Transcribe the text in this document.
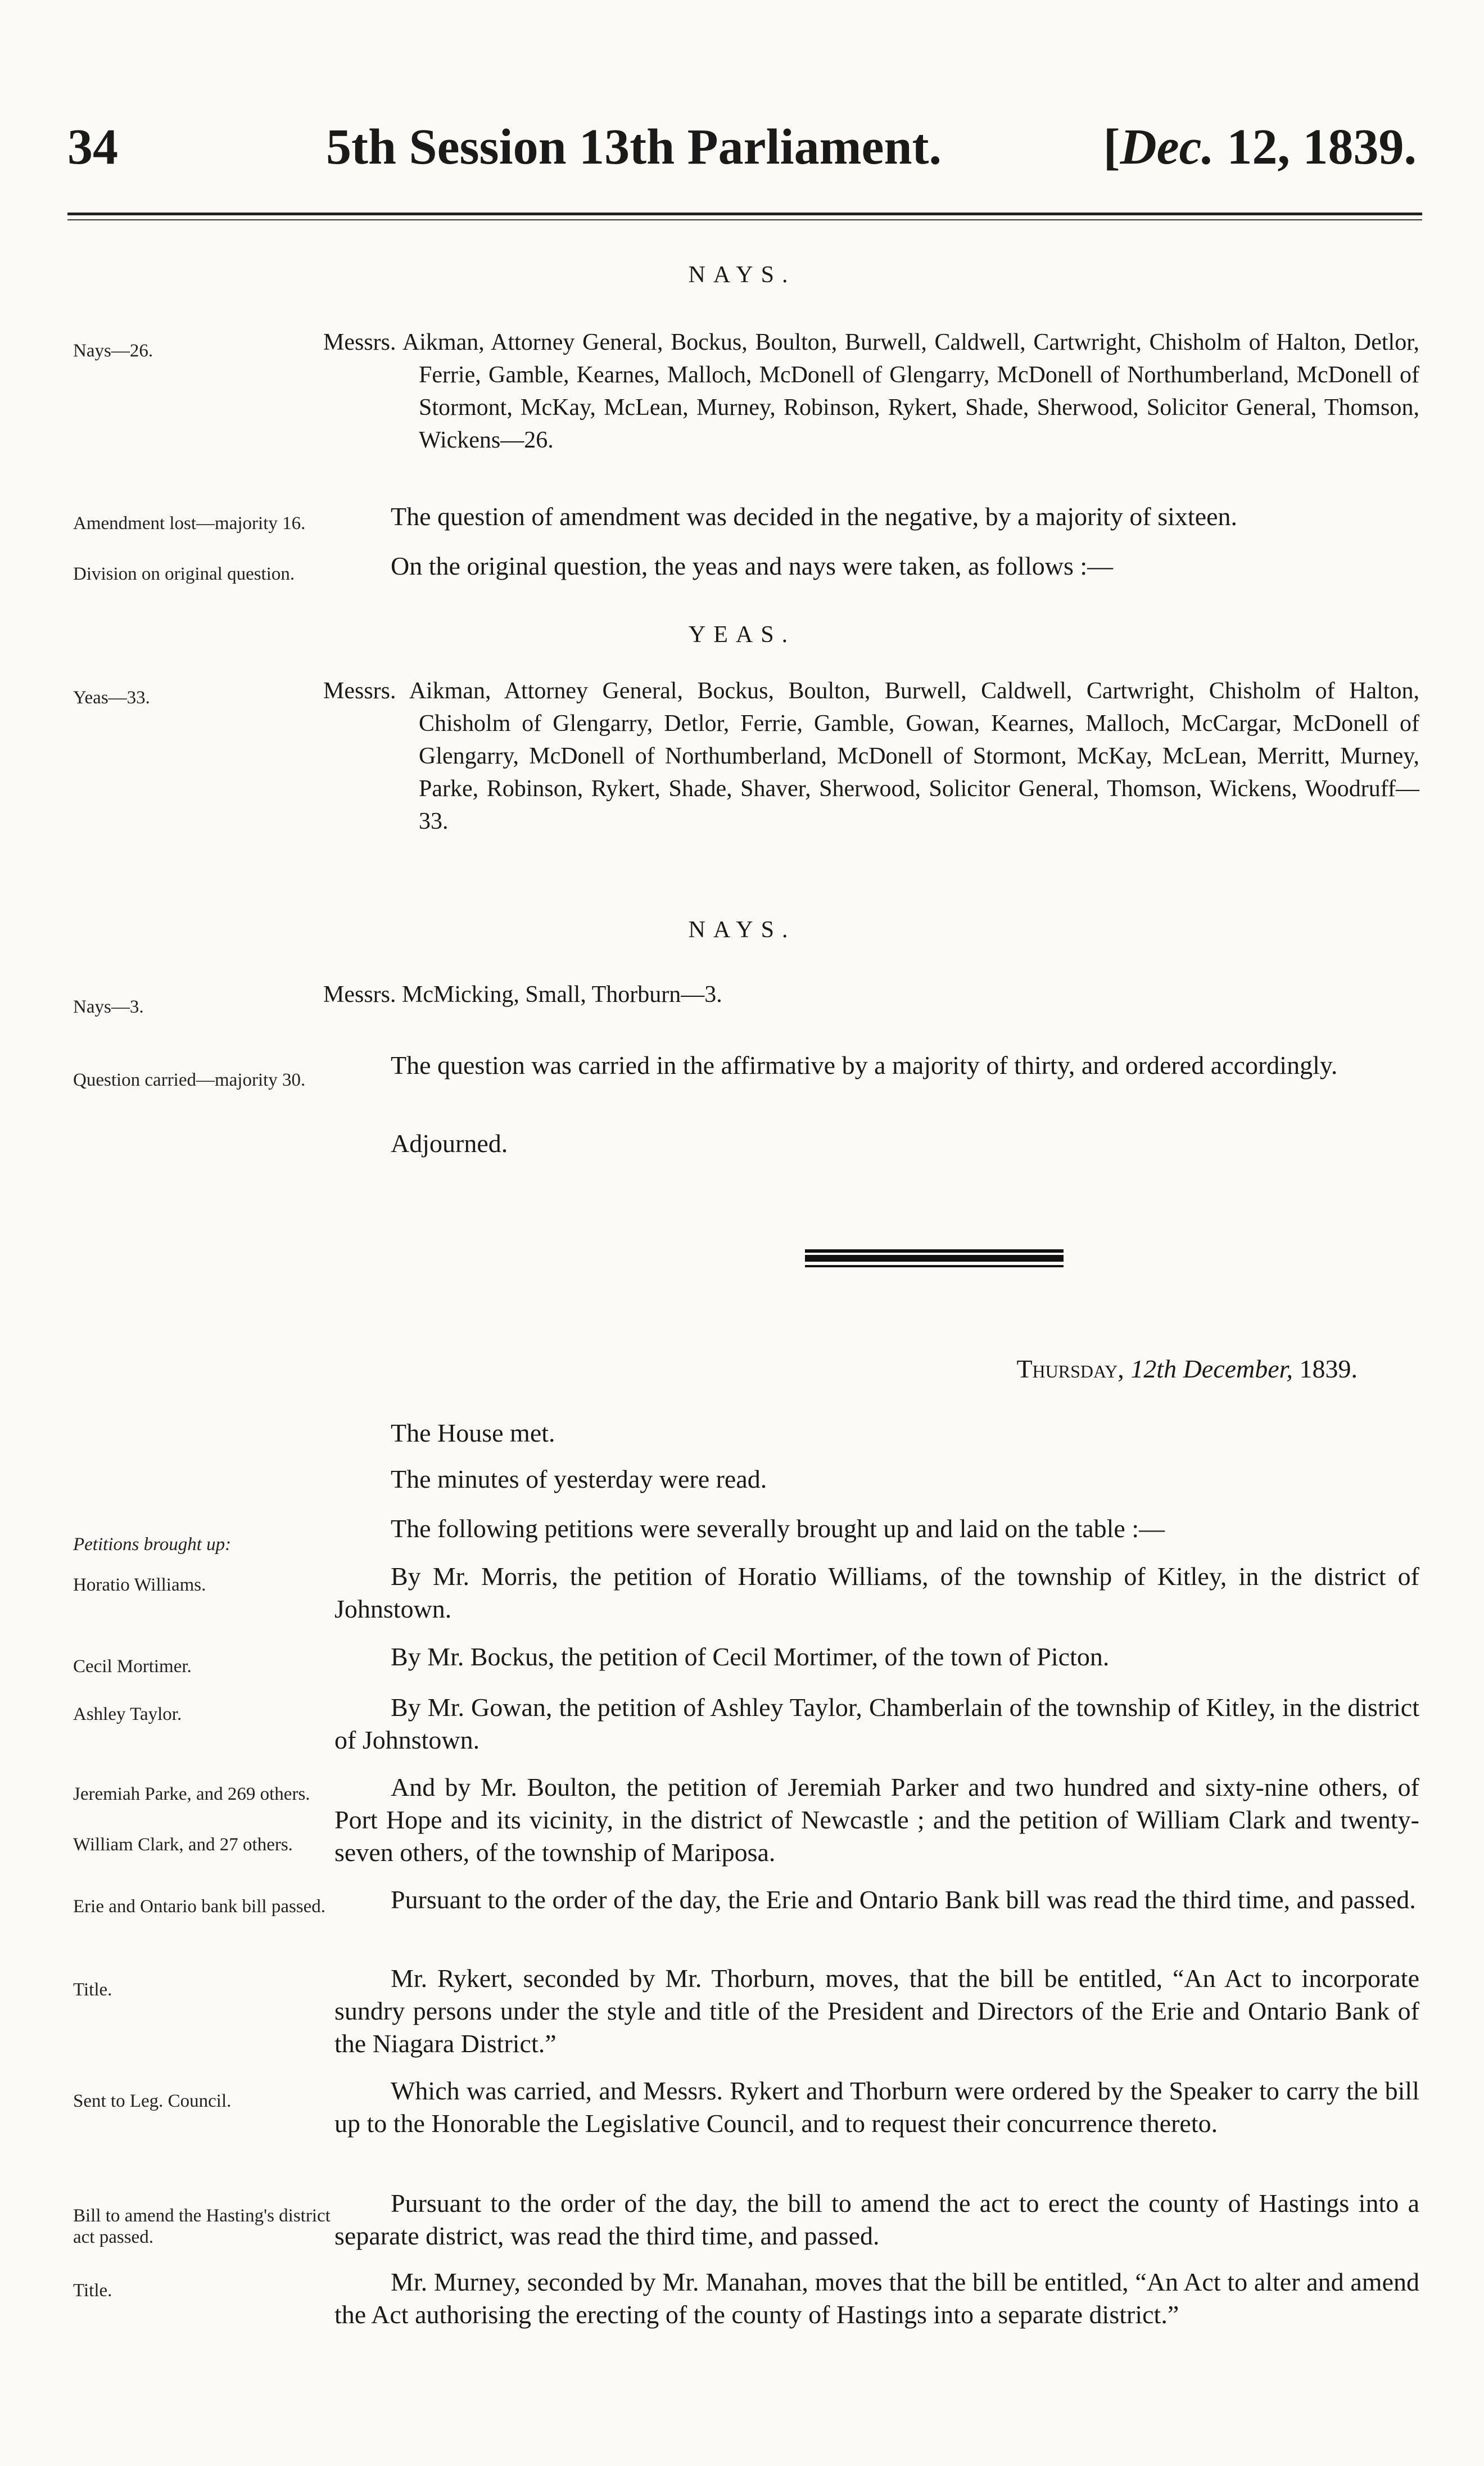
34	5th Session 13th Parliament.	[Dec. 12, 1839.
NAYS.
Nays—26.	Messrs. Aikman, Attorney General, Bockus, Boulton, Burwell, Caldwell, Cartwright, Chisholm of Halton, Detlor, Ferrie, Gamble, Kearnes, Malloch, McDonell of Glengarry, McDonell of Northumberland, McDonell of Stormont, McKay, McLean, Murney, Robinson, Rykert, Shade, Sherwood, Solicitor General, Thomson, Wickens—26.
Amendment lost—majority 16.
Division on original question.
The question of amendment was decided in the negative, by a majority of sixteen.
On the original question, the yeas and nays were taken, as follows :—
YEAS.
Yeas—33.	Messrs. Aikman, Attorney General, Bockus, Boulton, Burwell, Caldwell, Cartwright, Chisholm of Halton, Chisholm of Glengarry, Detlor, Ferrie, Gamble, Gowan, Kearnes, Malloch, McCargar, McDonell of Glengarry, McDonell of Northumberland, McDonell of Stormont, McKay, McLean, Merritt, Murney, Parke, Robinson, Rykert, Shade, Shaver, Sherwood, Solicitor General, Thomson, Wickens, Woodruff—33.
NAYS.
Nays—3.	Messrs. McMicking, Small, Thorburn—3.
Question carried—majority 30.
The question was carried in the affirmative by a majority of thirty, and ordered accordingly.
Adjourned.
Thursday, 12th December, 1839.
The House met.
The minutes of yesterday were read.
Petitions brought up:
The following petitions were severally brought up and laid on the table :—
Horatio Williams.	By Mr. Morris, the petition of Horatio Williams, of the township of Kitley, in the district of Johnstown.
Cecil Mortimer.	By Mr. Bockus, the petition of Cecil Mortimer, of the town of Picton.
Ashley Taylor.	By Mr. Gowan, the petition of Ashley Taylor, Chamberlain of the township of Kitley, in the district of Johnstown.
Jeremiah Parke, and 269 others.
William Clark, and 27 others.
And by Mr. Boulton, the petition of Jeremiah Parker and two hundred and sixty-nine others, of Port Hope and its vicinity, in the district of Newcastle ; and the petition of William Clark and twenty-seven others, of the township of Mariposa.
Erie and Ontario bank bill passed.	Pursuant to the order of the day, the Erie and Ontario Bank bill was read the third time, and passed.
Title.	Mr. Rykert, seconded by Mr. Thorburn, moves, that the bill be entitled, “An Act to incorporate sundry persons under the style and title of the President and Directors of the Erie and Ontario Bank of the Niagara District.”
Sent to Leg. Council.	Which was carried, and Messrs. Rykert and Thorburn were ordered by the Speaker to carry the bill up to the Honorable the Legislative Council, and to request their concurrence thereto.
Bill to amend the Hasting's district act passed.
Pursuant to the order of the day, the bill to amend the act to erect the county of Hastings into a separate district, was read the third time, and passed.
Title.	Mr. Murney, seconded by Mr. Manahan, moves that the bill be entitled, “An Act to alter and amend the Act authorising the erecting of the county of Hastings into a separate district.”
